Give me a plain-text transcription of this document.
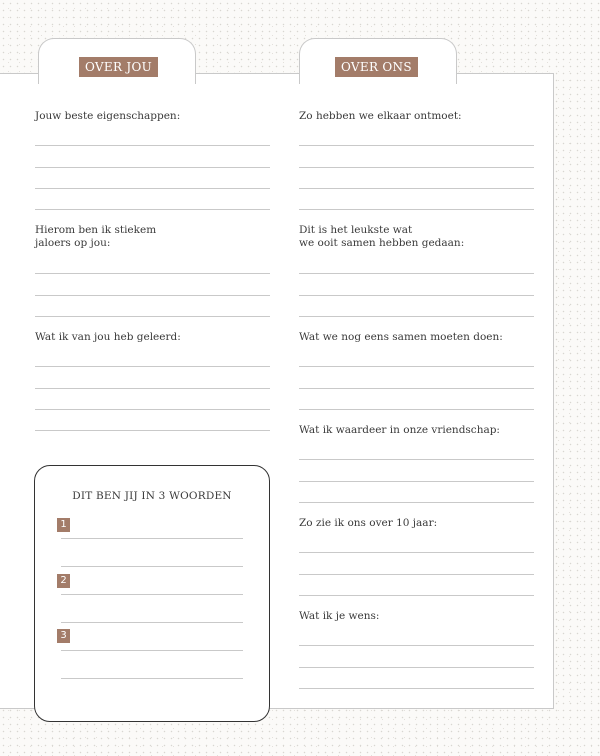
OVER JOU	OVER ONS
Jouw beste eigenschappen:
Hierom ben ik stiekem
jaloers op jou:
Wat ik van jou heb geleerd:
DIT BEN JIJ IN 3 WOORDEN
1
2
3
Zo hebben we elkaar ontmoet:
Dit is het leukste wat
we ooit samen hebben gedaan:
Wat we nog eens samen moeten doen:
Wat ik waardeer in onze vriendschap:
Zo zie ik ons over 10 jaar:
Wat ik je wens:
